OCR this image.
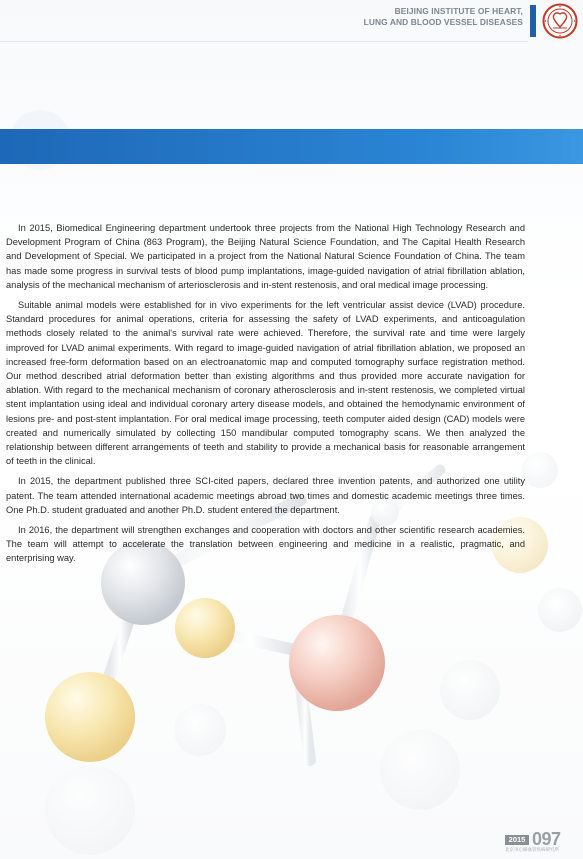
BEIJING INSTITUTE OF HEART,
LUNG AND BLOOD VESSEL DISEASES

In 2015, Biomedical Engineering department undertook three projects from the National High Technology Research and Development Program of China (863 Program), the Beijing Natural Science Foundation, and The Capital Health Research and Development of Special. We participated in a project from the National Natural Science Foundation of China. The team has made some progress in survival tests of blood pump implantations, image-guided navigation of atrial fibrillation ablation, analysis of the mechanical mechanism of arteriosclerosis and in-stent restenosis, and oral medical image processing.

Suitable animal models were established for in vivo experiments for the left ventricular assist device (LVAD) procedure. Standard procedures for animal operations, criteria for assessing the safety of LVAD experiments, and anticoagulation methods closely related to the animal's survival rate were achieved. Therefore, the survival rate and time were largely improved for LVAD animal experiments. With regard to image-guided navigation of atrial fibrillation ablation, we proposed an increased free-form deformation based on an electroanatomic map and computed tomography surface registration method. Our method described atrial deformation better than existing algorithms and thus provided more accurate navigation for ablation. With regard to the mechanical mechanism of coronary atherosclerosis and in-stent restenosis, we completed virtual stent implantation using ideal and individual coronary artery disease models, and obtained the hemodynamic environment of lesions pre- and post-stent implantation. For oral medical image processing, teeth computer aided design (CAD) models were created and numerically simulated by collecting 150 mandibular computed tomography scans. We then analyzed the relationship between different arrangements of teeth and stability to provide a mechanical basis for reasonable arrangement of teeth in the clinical.

In 2015, the department published three SCI-cited papers, declared three invention patents, and authorized one utility patent. The team attended international academic meetings abroad two times and domestic academic meetings three times. One Ph.D. student graduated and another Ph.D. student entered the department.

In 2016, the department will strengthen exchanges and cooperation with doctors and other scientific research academies. The team will attempt to accelerate the translation between engineering and medicine in a realistic, pragmatic, and enterprising way.

2015 097
北京市心肺血管疾病研究所
